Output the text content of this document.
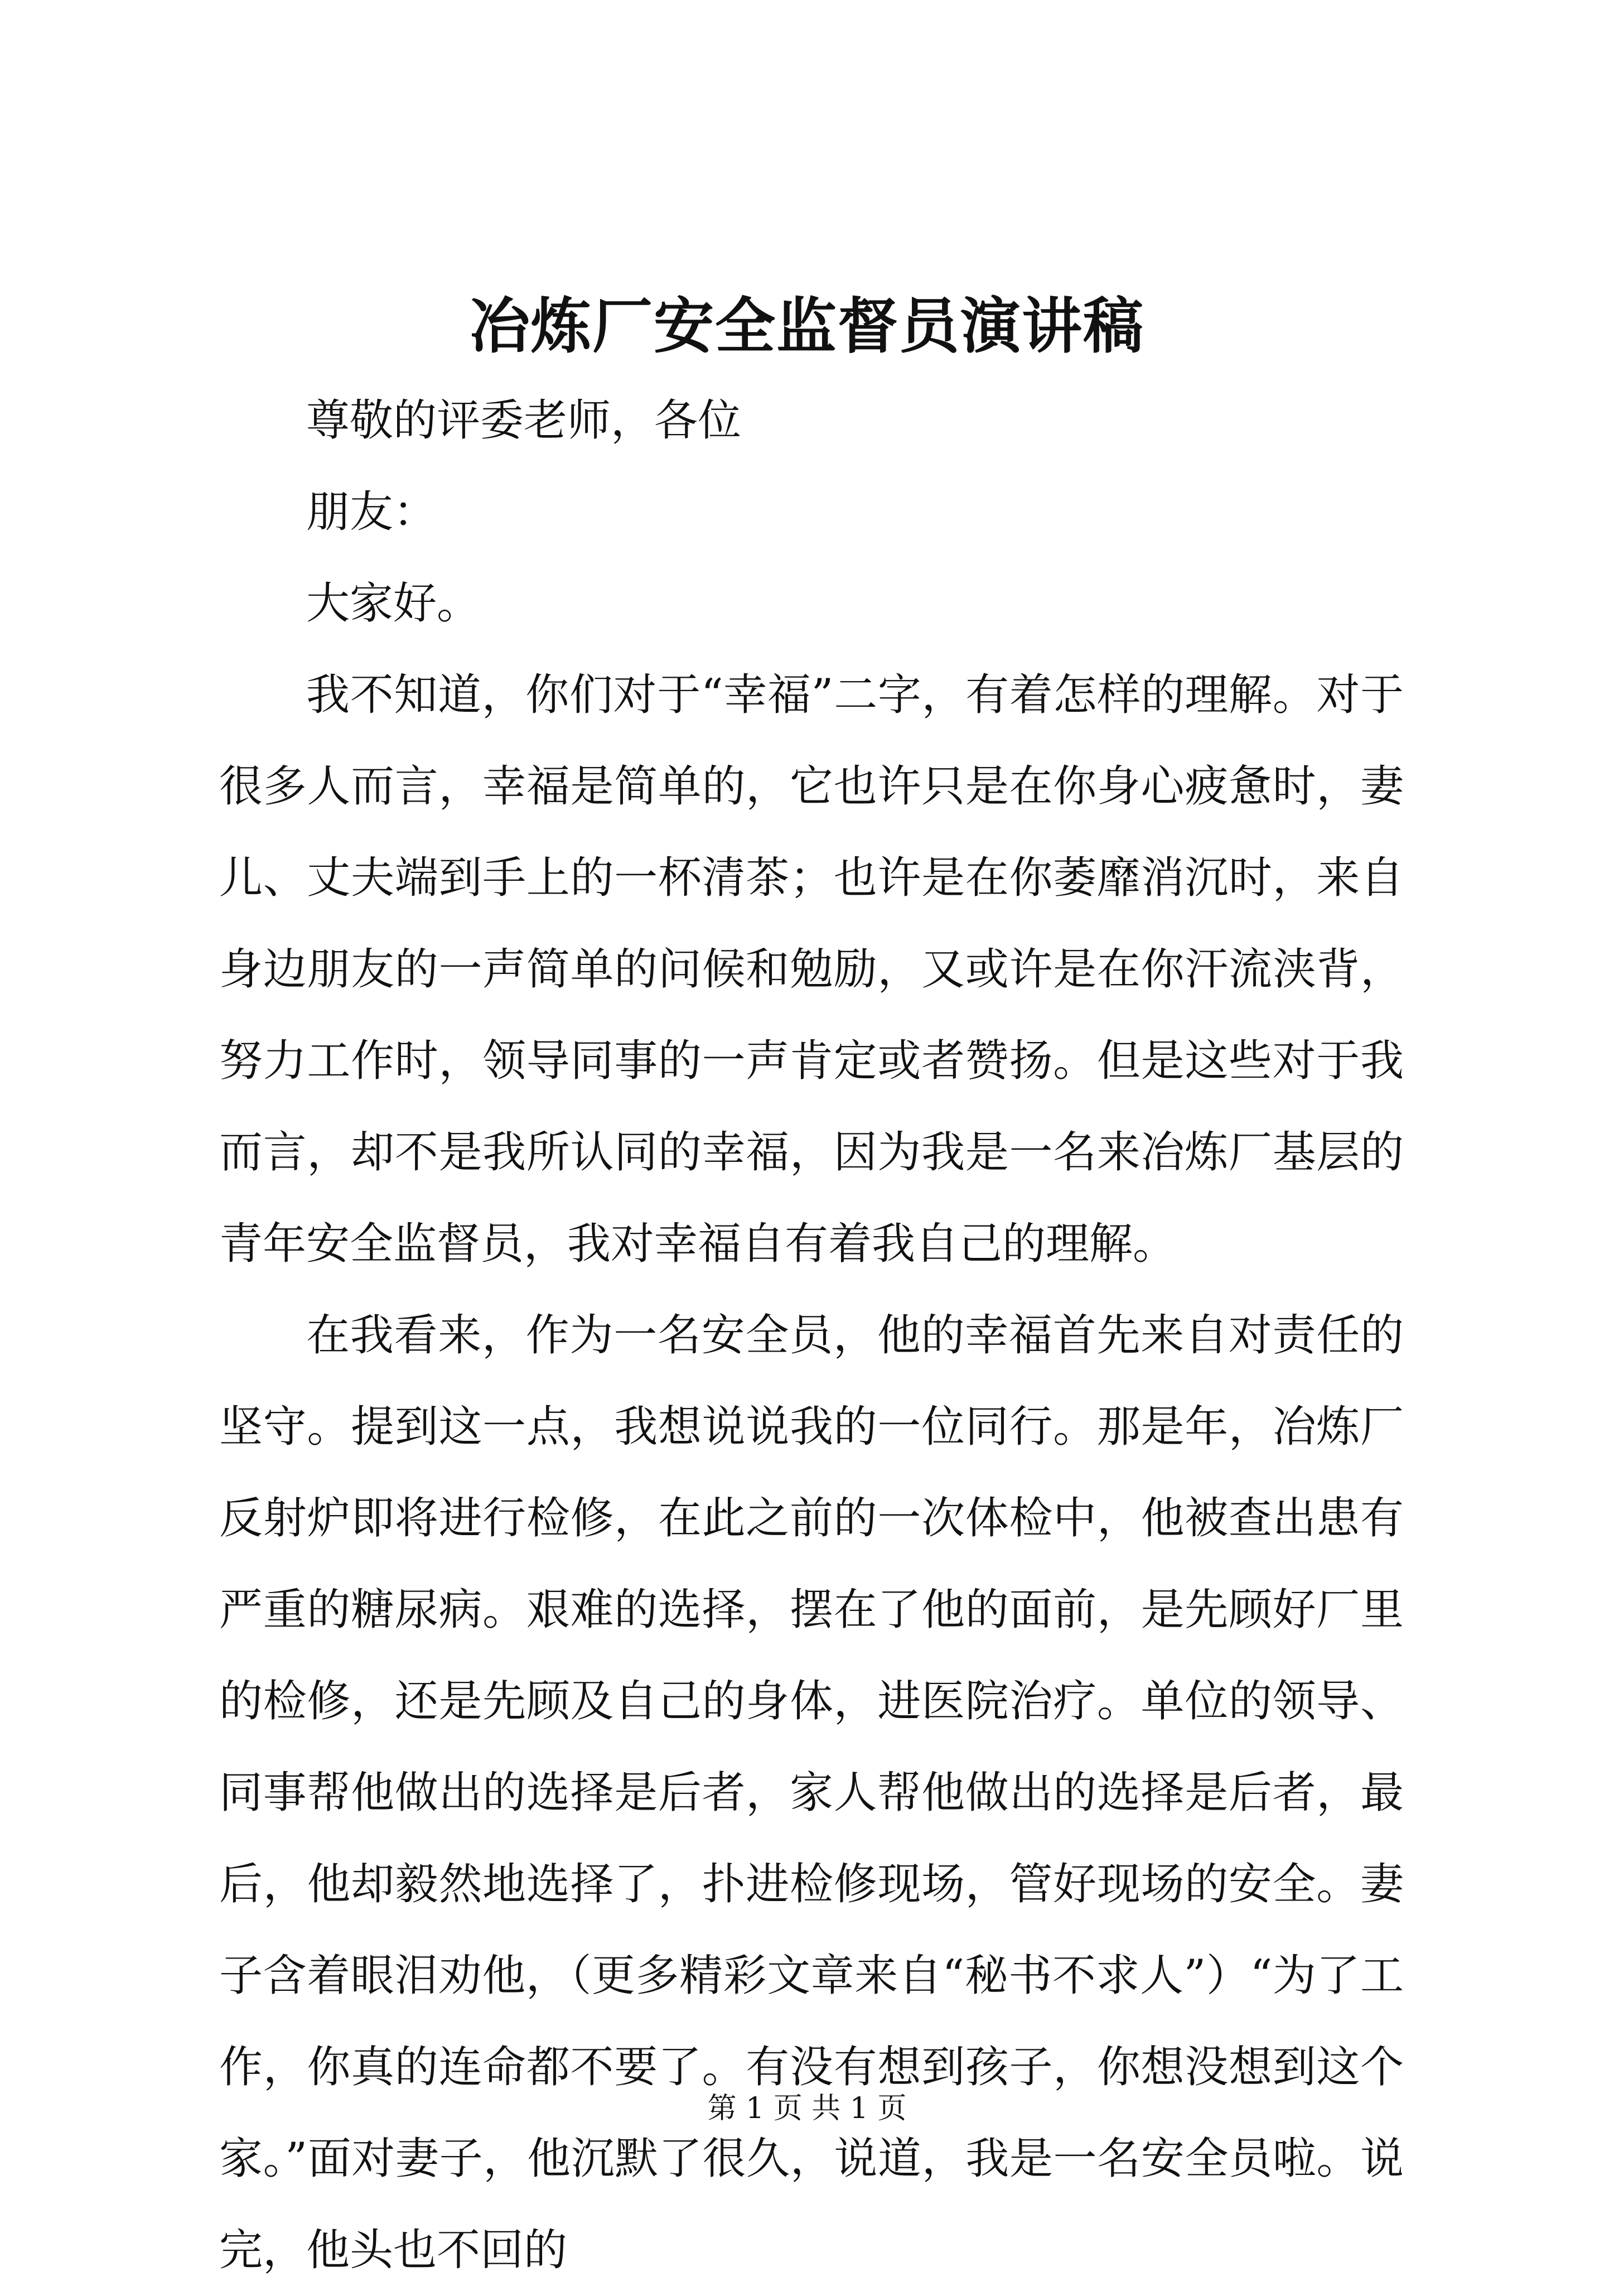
冶炼厂安全监督员演讲稿

尊敬的评委老师，各位

朋友：

大家好。

我不知道，你们对于“幸福”二字，有着怎样的理解。对于很多人而言，幸福是简单的，它也许只是在你身心疲惫时，妻儿、丈夫端到手上的一杯清茶；也许是在你萎靡消沉时，来自身边朋友的一声简单的问候和勉励，又或许是在你汗流浃背，努力工作时，领导同事的一声肯定或者赞扬。但是这些对于我而言，却不是我所认同的幸福，因为我是一名来冶炼厂基层的青年安全监督员，我对幸福自有着我自己的理解。

在我看来，作为一名安全员，他的幸福首先来自对责任的坚守。提到这一点，我想说说我的一位同行。那是年，冶炼厂反射炉即将进行检修，在此之前的一次体检中，他被查出患有严重的糖尿病。艰难的选择，摆在了他的面前，是先顾好厂里的检修，还是先顾及自己的身体，进医院治疗。单位的领导、同事帮他做出的选择是后者，家人帮他做出的选择是后者，最后，他却毅然地选择了，扑进检修现场，管好现场的安全。妻子含着眼泪劝他，（更多精彩文章来自“秘书不求人”）“为了工作，你真的连命都不要了。有没有想到孩子，你想没想到这个家。”面对妻子，他沉默了很久，说道，我是一名安全员啦。说完，他头也不回的

第 1 页 共 1 页
